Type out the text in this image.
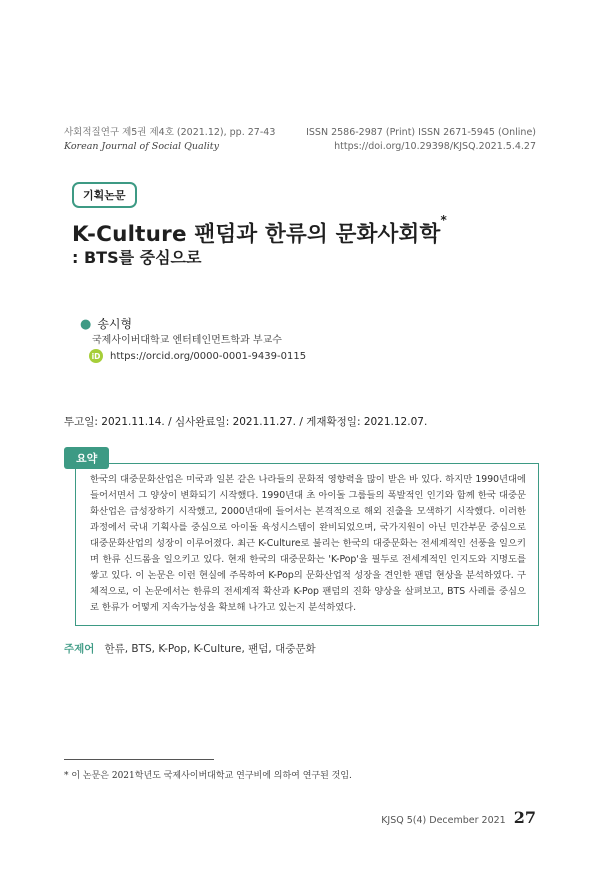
사회적질연구 제5권 제4호 (2021.12), pp. 27-43
Korean Journal of Social Quality
ISSN 2586-2987 (Print) ISSN 2671-5945 (Online)
https://doi.org/10.29398/KJSQ.2021.5.4.27
기획논문
K-Culture 팬덤과 한류의 문화사회학*
: BTS를 중심으로
● 송시형
국제사이버대학교 엔터테인먼트학과 부교수
iD https://orcid.org/0000-0001-9439-0115
투고일: 2021.11.14. / 심사완료일: 2021.11.27. / 게재확정일: 2021.12.07.
요약
한국의 대중문화산업은 미국과 일본 같은 나라들의 문화적 영향력을 많이 받은 바 있다. 하지만 1990년대에 들어서면서 그 양상이 변화되기 시작했다. 1990년대 초 아이돌 그룹들의 폭발적인 인기와 함께 한국 대중문화산업은 급성장하기 시작했고, 2000년대에 들어서는 본격적으로 해외 진출을 모색하기 시작했다. 이러한 과정에서 국내 기획사를 중심으로 아이돌 육성시스템이 완비되었으며, 국가지원이 아닌 민간부문 중심으로 대중문화산업의 성장이 이루어졌다. 최근 K-Culture로 불리는 한국의 대중문화는 전세계적인 선풍을 일으키며 한류 신드롬을 일으키고 있다. 현재 한국의 대중문화는 'K-Pop'을 필두로 전세계적인 인지도와 지명도를 쌓고 있다. 이 논문은 이런 현실에 주목하여 K-Pop의 문화산업적 성장을 견인한 팬덤 현상을 분석하였다. 구체적으로, 이 논문에서는 한류의 전세계적 확산과 K-Pop 팬덤의 진화 양상을 살펴보고, BTS 사례를 중심으로 한류가 어떻게 지속가능성을 확보해 나가고 있는지 분석하였다.
주제어 한류, BTS, K-Pop, K-Culture, 팬덤, 대중문화
* 이 논문은 2021학년도 국제사이버대학교 연구비에 의하여 연구된 것임.
KJSQ 5(4) December 2021 27
